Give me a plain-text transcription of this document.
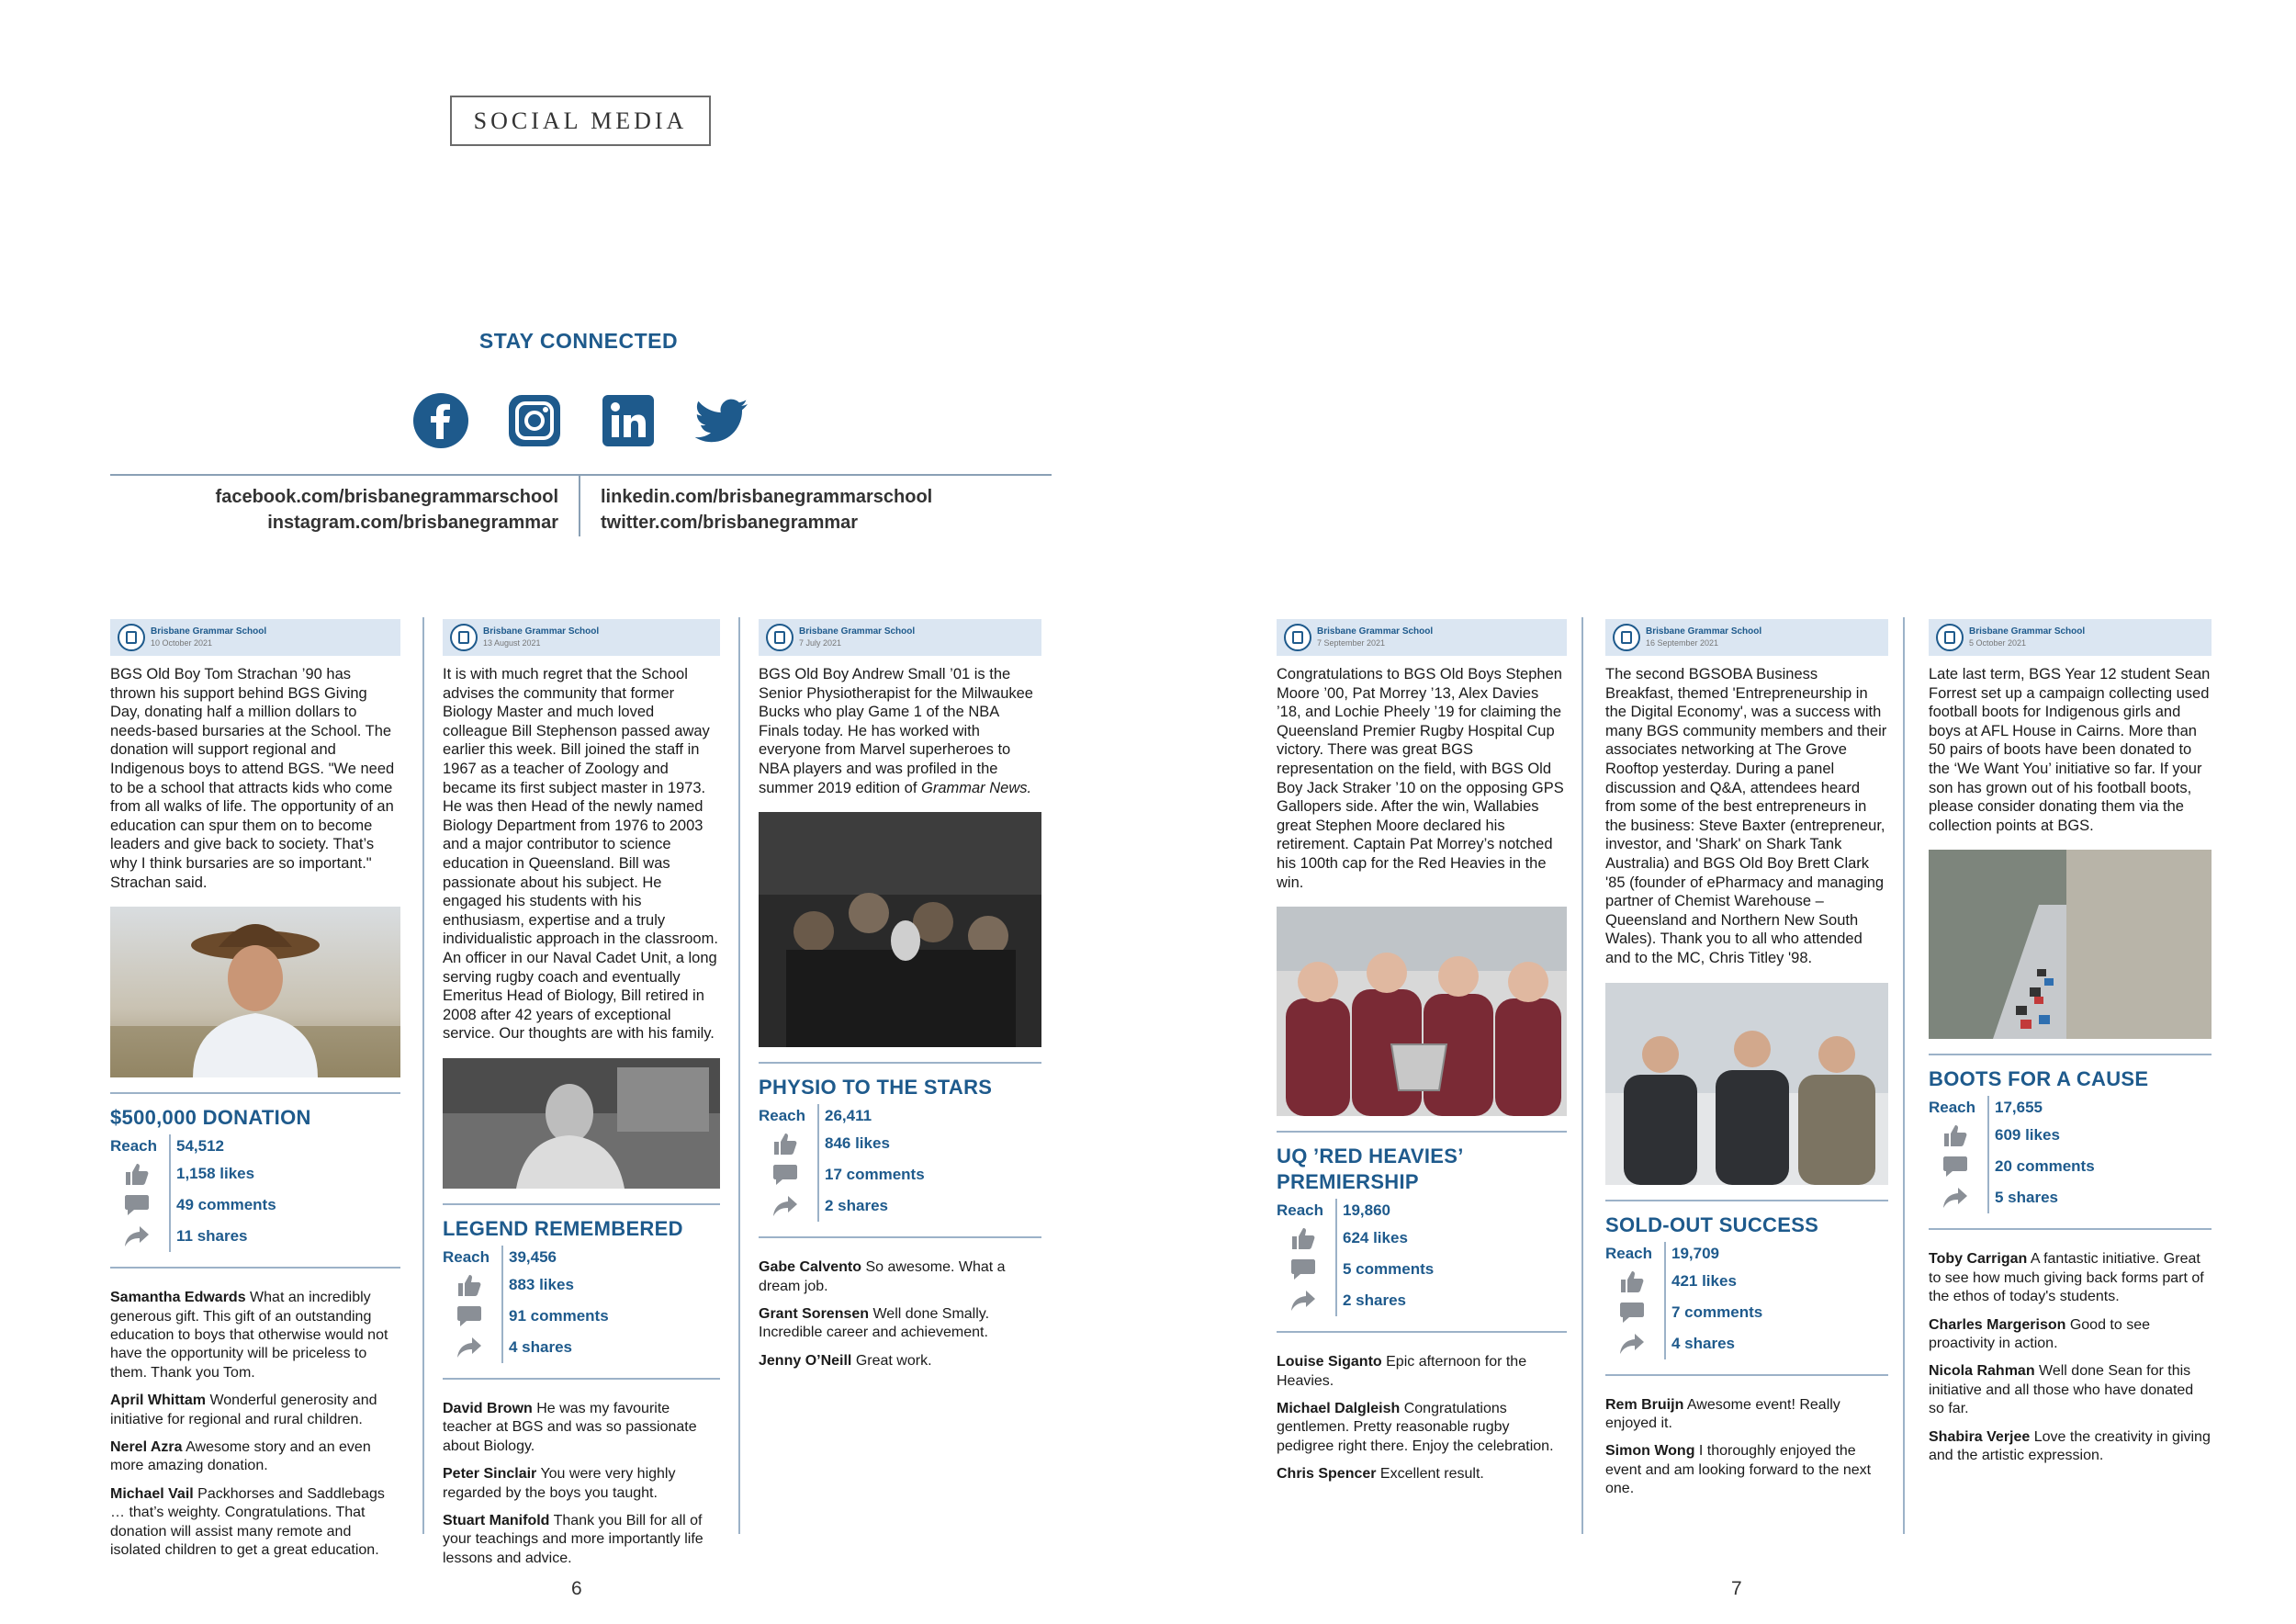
SOCIAL MEDIA
STAY CONNECTED
facebook.com/brisbanegrammarschool
instagram.com/brisbanegrammar
linkedin.com/brisbanegrammarschool
twitter.com/brisbanegrammar
Brisbane Grammar School
10 October 2021
BGS Old Boy Tom Strachan ’90 has thrown his support behind BGS Giving Day, donating half a million dollars to needs-based bursaries at the School. The donation will support regional and Indigenous boys to attend BGS. "We need to be a school that attracts kids who come from all walks of life. The opportunity of an education can spur them on to become leaders and give back to society. That’s why I think bursaries are so important." Strachan said.
$500,000 DONATION
Reach	54,512
1,158 likes
49 comments
11 shares
Samantha Edwards What an incredibly generous gift. This gift of an outstanding education to boys that otherwise would not have the opportunity will be priceless to them. Thank you Tom.
April Whittam Wonderful generosity and initiative for regional and rural children.
Nerel Azra Awesome story and an even more amazing donation.
Michael Vail Packhorses and Saddlebags … that’s weighty. Congratulations. That donation will assist many remote and isolated children to get a great education.
Brisbane Grammar School
13 August 2021
It is with much regret that the School advises the community that former Biology Master and much loved colleague Bill Stephenson passed away earlier this week. Bill joined the staff in 1967 as a teacher of Zoology and became its first subject master in 1973. He was then Head of the newly named Biology Department from 1976 to 2003 and a major contributor to science education in Queensland. Bill was passionate about his subject. He engaged his students with his enthusiasm, expertise and a truly individualistic approach in the classroom. An officer in our Naval Cadet Unit, a long serving rugby coach and eventually Emeritus Head of Biology, Bill retired in 2008 after 42 years of exceptional service. Our thoughts are with his family.
LEGEND REMEMBERED
Reach	39,456
883 likes
91 comments
4 shares
David Brown He was my favourite teacher at BGS and was so passionate about Biology.
Peter Sinclair You were very highly regarded by the boys you taught.
Stuart Manifold Thank you Bill for all of your teachings and more importantly life lessons and advice.
Brisbane Grammar School
7 July 2021
BGS Old Boy Andrew Small ’01 is the Senior Physiotherapist for the Milwaukee Bucks who play Game 1 of the NBA Finals today. He has worked with everyone from Marvel superheroes to NBA players and was profiled in the summer 2019 edition of Grammar News.
PHYSIO TO THE STARS
Reach	26,411
846 likes
17 comments
2 shares
Gabe Calvento So awesome. What a dream job.
Grant Sorensen Well done Smally. Incredible career and achievement.
Jenny O’Neill Great work.
Brisbane Grammar School
7 September 2021
Congratulations to BGS Old Boys Stephen Moore ’00, Pat Morrey ’13, Alex Davies ’18, and Lochie Pheely ’19 for claiming the Queensland Premier Rugby Hospital Cup victory. There was great BGS representation on the field, with BGS Old Boy Jack Straker ’10 on the opposing GPS Gallopers side. After the win, Wallabies great Stephen Moore declared his retirement. Captain Pat Morrey’s notched his 100th cap for the Red Heavies in the win.
UQ ’RED HEAVIES’ PREMIERSHIP
Reach	19,860
624 likes
5 comments
2 shares
Louise Siganto Epic afternoon for the Heavies.
Michael Dalgleish Congratulations gentlemen. Pretty reasonable rugby pedigree right there. Enjoy the celebration.
Chris Spencer Excellent result.
Brisbane Grammar School
16 September 2021
The second BGSOBA Business Breakfast, themed 'Entrepreneurship in the Digital Economy', was a success with many BGS community members and their associates networking at The Grove Rooftop yesterday. During a panel discussion and Q&A, attendees heard from some of the best entrepreneurs in the business: Steve Baxter (entrepreneur, investor, and 'Shark' on Shark Tank Australia) and BGS Old Boy Brett Clark '85 (founder of ePharmacy and managing partner of Chemist Warehouse – Queensland and Northern New South Wales). Thank you to all who attended and to the MC, Chris Titley '98.
SOLD-OUT SUCCESS
Reach	19,709
421 likes
7 comments
4 shares
Rem Bruijn Awesome event! Really enjoyed it.
Simon Wong I thoroughly enjoyed the event and am looking forward to the next one.
Brisbane Grammar School
5 October 2021
Late last term, BGS Year 12 student Sean Forrest set up a campaign collecting used football boots for Indigenous girls and boys at AFL House in Cairns. More than 50 pairs of boots have been donated to the ‘We Want You’ initiative so far. If your son has grown out of his football boots, please consider donating them via the collection points at BGS.
BOOTS FOR A CAUSE
Reach	17,655
609 likes
20 comments
5 shares
Toby Carrigan A fantastic initiative. Great to see how much giving back forms part of the ethos of today's students.
Charles Margerison Good to see proactivity in action.
Nicola Rahman Well done Sean for this initiative and all those who have donated so far.
Shabira Verjee Love the creativity in giving and the artistic expression.
6	7
